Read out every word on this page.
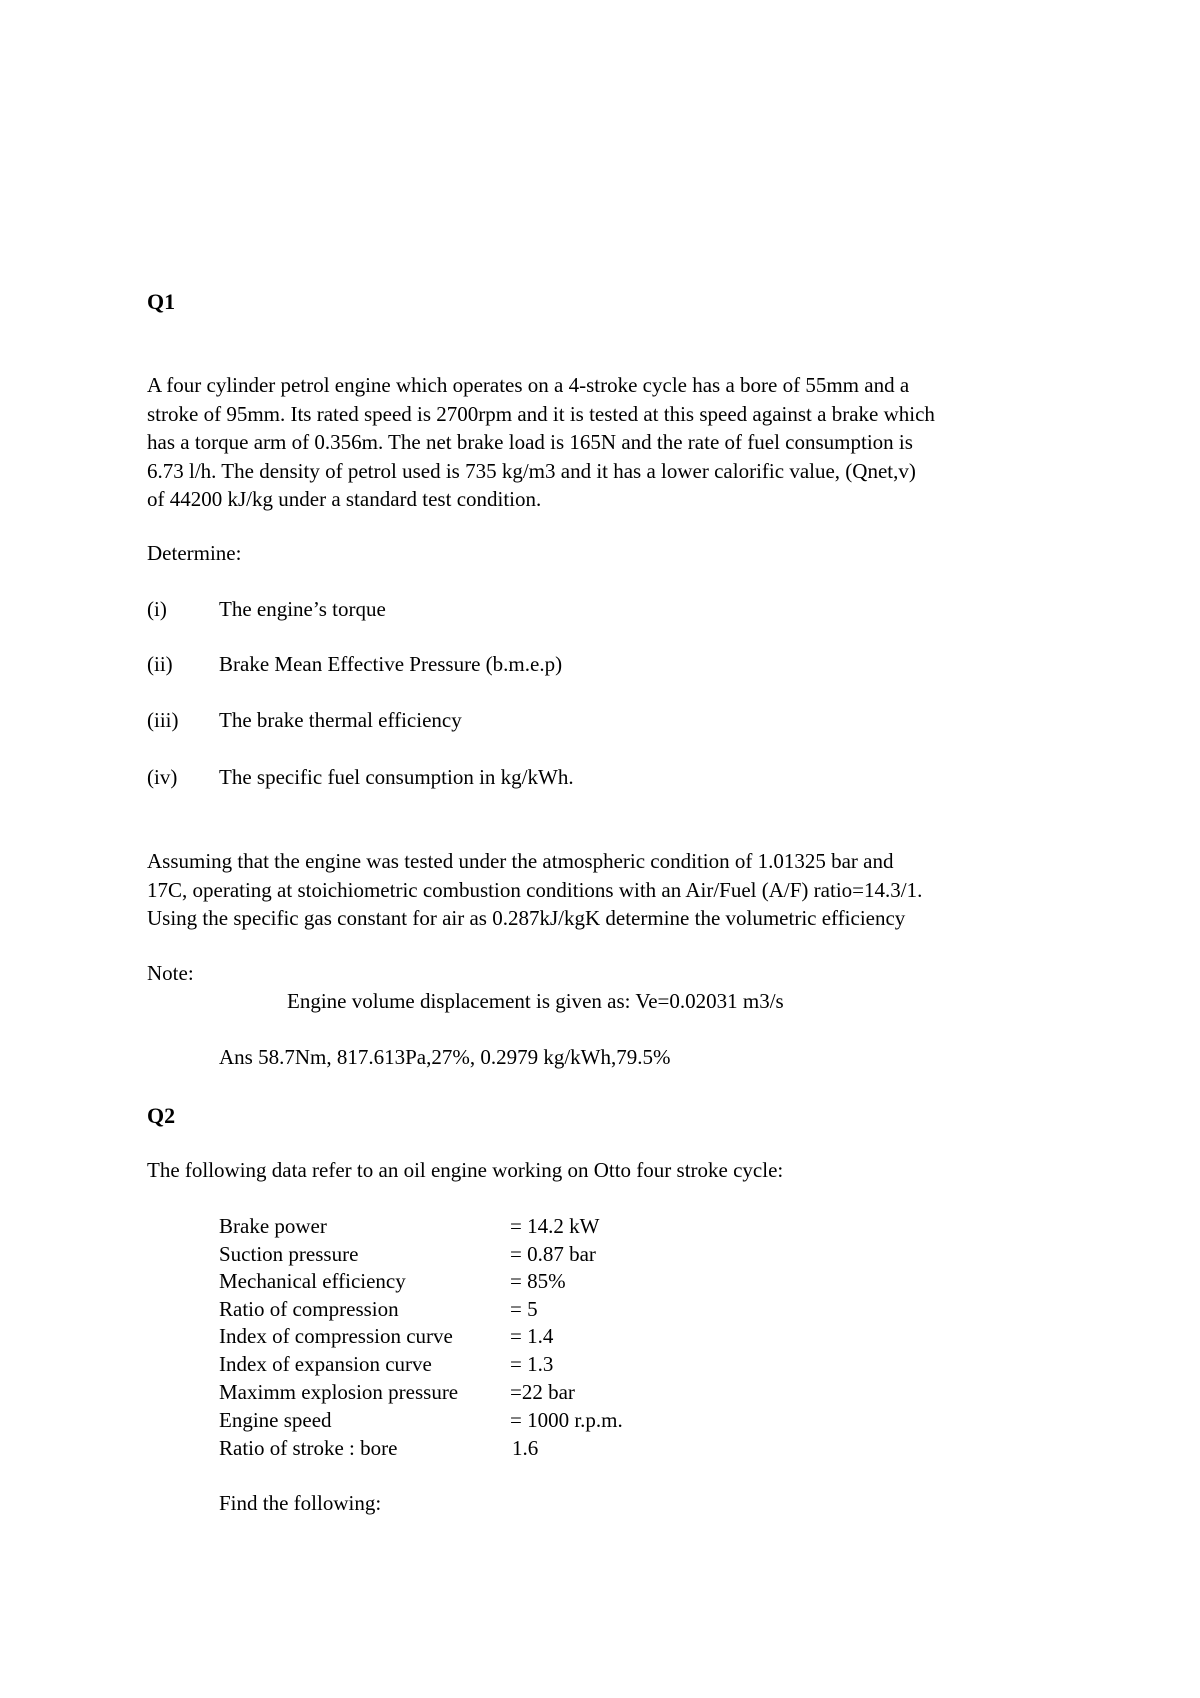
Q1
A four cylinder petrol engine which operates on a 4-stroke cycle has a bore of 55mm and a
stroke of 95mm. Its rated speed is 2700rpm and it is tested at this speed against a brake which
has a torque arm of 0.356m. The net brake load is 165N and the rate of fuel consumption is
6.73 l/h. The density of petrol used is 735 kg/m3 and it has a lower calorific value, (Qnet,v)
of 44200 kJ/kg under a standard test condition.
Determine:
(i) The engine’s torque
(ii) Brake Mean Effective Pressure (b.m.e.p)
(iii) The brake thermal efficiency
(iv) The specific fuel consumption in kg/kWh.
Assuming that the engine was tested under the atmospheric condition of 1.01325 bar and
17C, operating at stoichiometric combustion conditions with an Air/Fuel (A/F) ratio=14.3/1.
Using the specific gas constant for air as 0.287kJ/kgK determine the volumetric efficiency
Note:
Engine volume displacement is given as: Ve=0.02031 m3/s
Ans 58.7Nm, 817.613Pa,27%, 0.2979 kg/kWh,79.5%
Q2
The following data refer to an oil engine working on Otto four stroke cycle:
Brake power	= 14.2 kW
Suction pressure	= 0.87 bar
Mechanical efficiency	= 85%
Ratio of compression	= 5
Index of compression curve	= 1.4
Index of expansion curve	= 1.3
Maximm explosion pressure =22 bar
Engine speed	= 1000 r.p.m.
Ratio of stroke : bore	1.6
Find the following:
